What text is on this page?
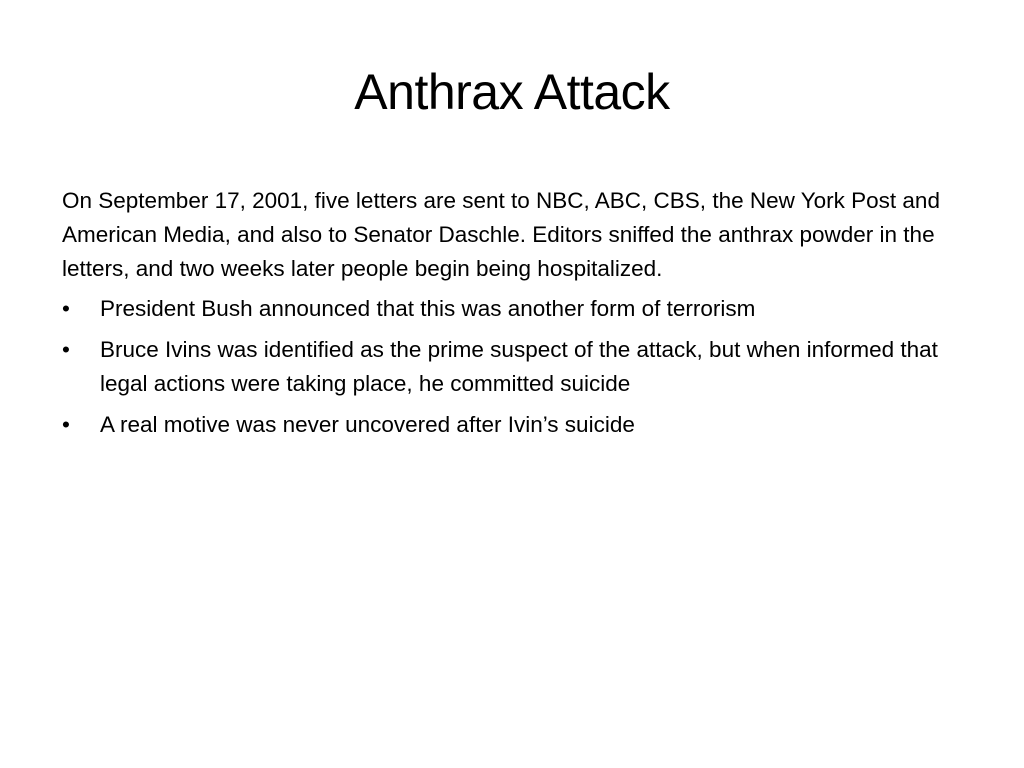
Anthrax Attack

On September 17, 2001, five letters are sent to NBC, ABC, CBS, the New York Post and American Media, and also to Senator Daschle. Editors sniffed the anthrax powder in the letters, and two weeks later people begin being hospitalized.

•	President Bush announced that this was another form of terrorism
•	Bruce Ivins was identified as the prime suspect of the attack, but when informed that legal actions were taking place, he committed suicide
•	A real motive was never uncovered after Ivin’s suicide
